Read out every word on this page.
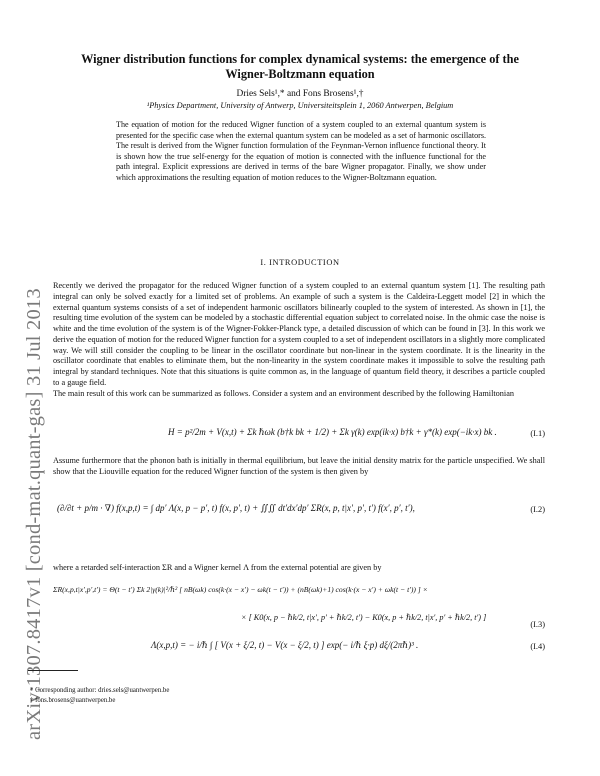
arXiv:1307.8417v1 [cond-mat.quant-gas] 31 Jul 2013
Wigner distribution functions for complex dynamical systems: the emergence of the Wigner-Boltzmann equation
Dries Sels¹,* and Fons Brosens¹,†
¹Physics Department, University of Antwerp, Universiteitsplein 1, 2060 Antwerpen, Belgium
The equation of motion for the reduced Wigner function of a system coupled to an external quantum system is presented for the specific case when the external quantum system can be modeled as a set of harmonic oscillators. The result is derived from the Wigner function formulation of the Feynman-Vernon influence functional theory. It is shown how the true self-energy for the equation of motion is connected with the influence functional for the path integral. Explicit expressions are derived in terms of the bare Wigner propagator. Finally, we show under which approximations the resulting equation of motion reduces to the Wigner-Boltzmann equation.
I. INTRODUCTION
Recently we derived the propagator for the reduced Wigner function of a system coupled to an external quantum system [1]. The resulting path integral can only be solved exactly for a limited set of problems. An example of such a system is the Caldeira-Leggett model [2] in which the external quantum systems consists of a set of independent harmonic oscillators bilinearly coupled to the system of interested. As shown in [1], the resulting time evolution of the system can be modeled by a stochastic differential equation subject to correlated noise. In the ohmic case the noise is white and the time evolution of the system is of the Wigner-Fokker-Planck type, a detailed discussion of which can be found in [3]. In this work we derive the equation of motion for the reduced Wigner function for a system coupled to a set of independent oscillators in a slightly more complicated way. We will still consider the coupling to be linear in the oscillator coordinate but non-linear in the system coordinate. It is the linearity in the oscillator coordinate that enables to eliminate them, but the non-linearity in the system coordinate makes it impossible to solve the resulting path integral by standard techniques. Note that this situations is quite common as, in the language of quantum field theory, it describes a particle coupled to a gauge field.
The main result of this work can be summarized as follows. Consider a system and an environment described by the following Hamiltonian
H = p²/2m + V(x,t) + Σk ℏωk (b†k bk + 1/2) + Σk γ(k) exp(ik·x) b†k + γ*(k) exp(−ik·x) bk .	(I.1)
Assume furthermore that the phonon bath is initially in thermal equilibrium, but leave the initial density matrix for the particle unspecified. We shall show that the Liouville equation for the reduced Wigner function of the system is then given by
(∂/∂t + p/m · ∇) f(x,p,t) = ∫ dp′ Λ(x, p − p′, t) f(x, p′, t) + ∬∬ dt′dx′dp′ ΣR(x, p, t|x′, p′, t′) f(x′, p′, t′),	(I.2)
where a retarded self-interaction ΣR and a Wigner kernel Λ from the external potential are given by
ΣR(x,p,t|x′,p′,t′) = Θ(t − t′) Σk 2|γ(k)|²/ℏ² [ nB(ωk) cos(k·(x − x′) − ωk(t − t′)) + (nB(ωk)+1) cos(k·(x − x′) + ωk(t − t′)) ] ×
× [ K0(x, p − ℏk/2, t|x′, p′ + ℏk/2, t′) − K0(x, p + ℏk/2, t|x′, p′ + ℏk/2, t′) ]
(I.3)
Λ(x,p,t) = − i/ℏ ∫ [ V(x + ξ/2, t) − V(x − ξ/2, t) ] exp(− i/ℏ ξ·p) dξ/(2πℏ)³ .	(I.4)
* Corresponding author: dries.sels@uantwerpen.be
† fons.brosens@uantwerpen.be
